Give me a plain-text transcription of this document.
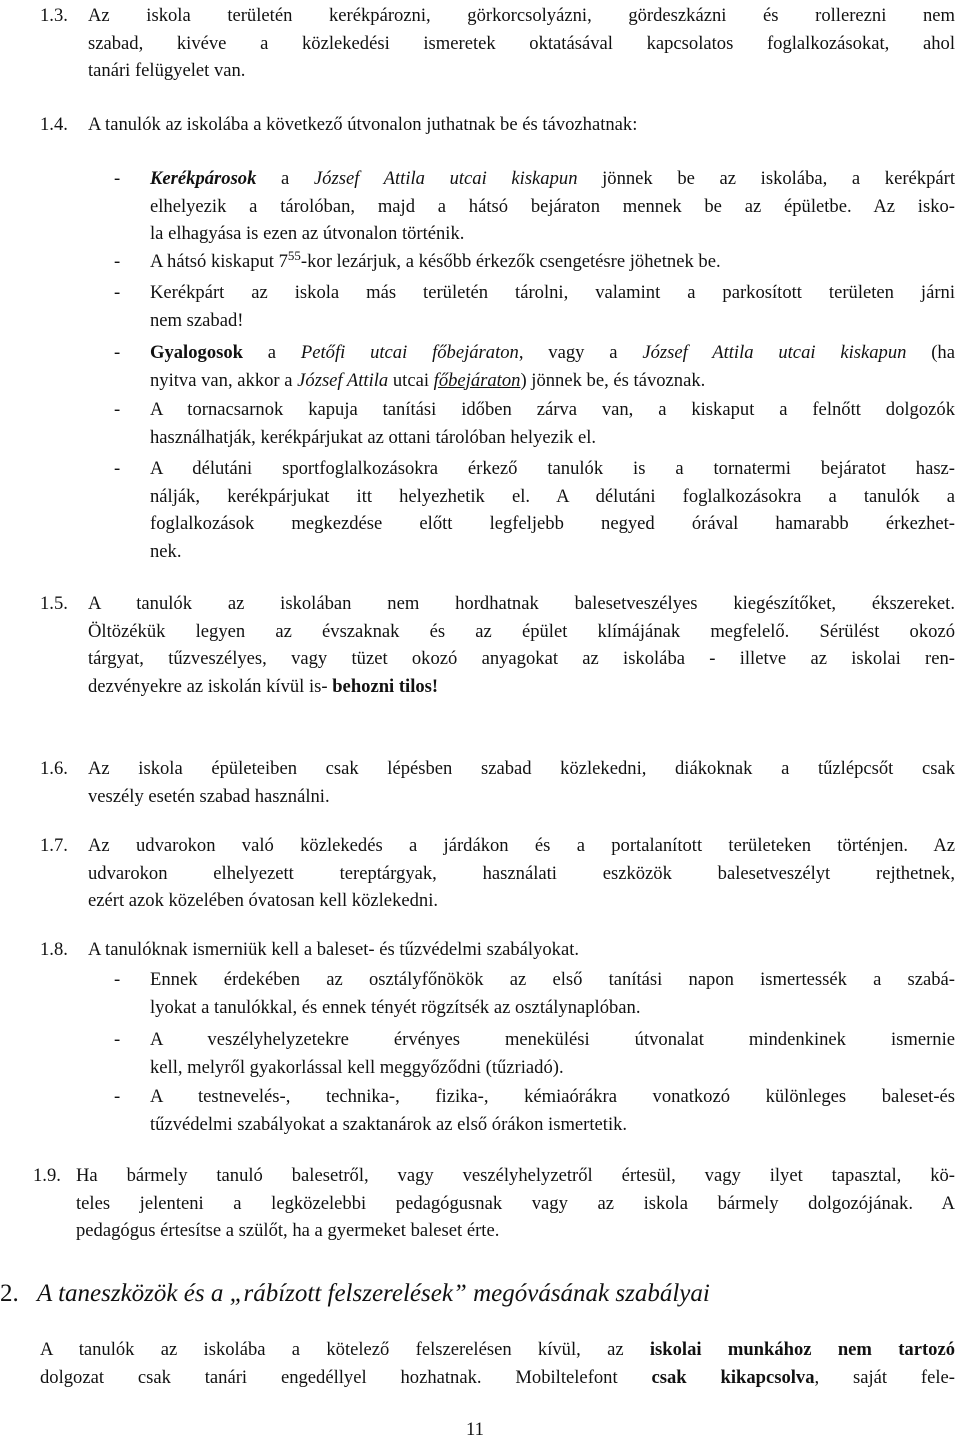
1.3. Az iskola területén kerékpározni, görkorcsolyázni, gördeszkázni és rollerezni nem
szabad, kivéve a közlekedési ismeretek oktatásával kapcsolatos foglalkozásokat, ahol
tanári felügyelet van.
1.4. A tanulók az iskolába a következő útvonalon juthatnak be és távozhatnak:
- Kerékpárosok a József Attila utcai kiskapun jönnek be az iskolába, a kerékpárt
elhelyezik a tárolóban, majd a hátsó bejáraton mennek be az épületbe. Az isko-
la elhagyása is ezen az útvonalon történik.
- A hátsó kiskaput $7^{55}$-kor lezárjuk, a később érkezők csengetésre jöhetnek be.
- Kerékpárt az iskola más területén tárolni, valamint a parkosított területen járni
nem szabad!
- Gyalogosok a Petőfi utcai főbejáraton, vagy a József Attila utcai kiskapun (ha
nyitva van, akkor a József Attila utcai főbejáraton) jönnek be, és távoznak.
- A tornacsarnok kapuja tanítási időben zárva van, a kiskaput a felnőtt dolgozók
használhatják, kerékpárjukat az ottani tárolóban helyezik el.
- A délutáni sportfoglalkozásokra érkező tanulók is a tornatermi bejáratot hasz-
nálják, kerékpárjukat itt helyezhetik el. A délutáni foglalkozásokra a tanulók a
foglalkozások megkezdése előtt legfeljebb negyed órával hamarabb érkezhet-
nek.
1.5. A tanulók az iskolában nem hordhatnak balesetveszélyes kiegészítőket, ékszereket.
Öltözékük legyen az évszaknak és az épület klímájának megfelelő. Sérülést okozó
tárgyat, tűzveszélyes, vagy tüzet okozó anyagokat az iskolába - illetve az iskolai ren-
dezvényekre az iskolán kívül is- behozni tilos!
1.6. Az iskola épületeiben csak lépésben szabad közlekedni, diákoknak a tűzlépcsőt csak
veszély esetén szabad használni.
1.7. Az udvarokon való közlekedés a járdákon és a portalanított területeken történjen. Az
udvarokon elhelyezett tereptárgyak, használati eszközök balesetveszélyt rejthetnek,
ezért azok közelében óvatosan kell közlekedni.
1.8. A tanulóknak ismerniük kell a baleset- és tűzvédelmi szabályokat.
- Ennek érdekében az osztályfőnökök az első tanítási napon ismertessék a szabá-
lyokat a tanulókkal, és ennek tényét rögzítsék az osztálynaplóban.
- A veszélyhelyzetekre érvényes menekülési útvonalat mindenkinek ismernie
kell, melyről gyakorlással kell meggyőződni (tűzriadó).
- A testnevelés-, technika-, fizika-, kémiaórákra vonatkozó különleges baleset-és
tűzvédelmi szabályokat a szaktanárok az első órákon ismertetik.
1.9. Ha bármely tanuló balesetről, vagy veszélyhelyzetről értesül, vagy ilyet tapasztal, kö-
teles jelenteni a legközelebbi pedagógusnak vagy az iskola bármely dolgozójának. A
pedagógus értesítse a szülőt, ha a gyermeket baleset érte.
2. A taneszközök és a „rábízott felszerelések” megóvásának szabályai
A tanulók az iskolába a kötelező felszerelésen kívül, az iskolai munkához nem tartozó
dolgozat csak tanári engedéllyel hozhatnak. Mobiltelefont csak kikapcsolva, saját fele-
11
